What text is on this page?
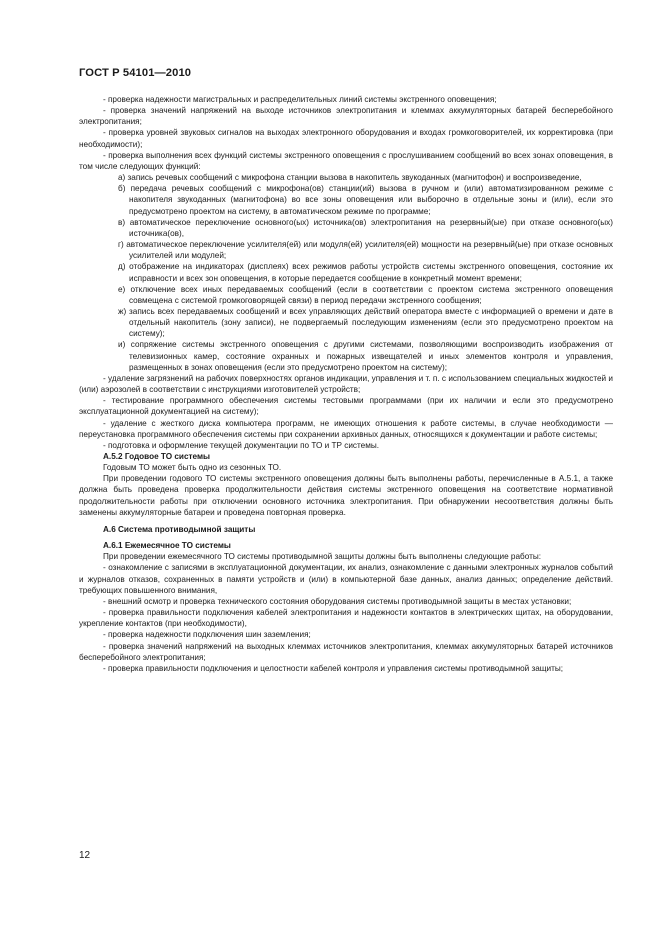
ГОСТ Р 54101—2010

- проверка надежности магистральных и распределительных линий системы экстренного оповещения;

- проверка значений напряжений на выходе источников электропитания и клеммах аккумуляторных батарей бесперебойного электропитания;

- проверка уровней звуковых сигналов на выходах электронного оборудования и входах громкоговорителей, их корректировка (при необходимости);

- проверка выполнения всех функций системы экстренного оповещения с прослушиванием сообщений во всех зонах оповещения, в том числе следующих функций:

а) запись речевых сообщений с микрофона станции вызова в накопитель звукоданных (магнитофон) и воспроизведение,

б) передача речевых сообщений с микрофона(ов) станции(ий) вызова в ручном и (или) автоматизированном режиме с накопителя звукоданных (магнитофона) во все зоны оповещения или выборочно в отдельные зоны и (или), если это предусмотрено проектом на систему, в автоматическом режиме по программе;

в) автоматическое переключение основного(ых) источника(ов) электропитания на резервный(ые) при отказе основного(ых) источника(ов),

г) автоматическое переключение усилителя(ей) или модуля(ей) усилителя(ей) мощности на резервный(ые) при отказе основных усилителей или модулей;

д) отображение на индикаторах (дисплеях) всех режимов работы устройств системы экстренного оповещения, состояние их исправности и всех зон оповещения, в которые передается сообщение в конкретный момент времени;

е) отключение всех иных передаваемых сообщений (если в соответствии с проектом система экстренного оповещения совмещена с системой громкоговорящей связи) в период передачи экстренного сообщения;

ж) запись всех передаваемых сообщений и всех управляющих действий оператора вместе с информацией о времени и дате в отдельный накопитель (зону записи), не подвергаемый последующим изменениям (если это предусмотрено проектом на систему);

и) сопряжение системы экстренного оповещения с другими системами, позволяющими воспроизводить изображения от телевизионных камер, состояние охранных и пожарных извещателей и иных элементов контроля и управления, размещенных в зонах оповещения (если это предусмотрено проектом на систему);

- удаление загрязнений на рабочих поверхностях органов индикации, управления и т. п. с использованием специальных жидкостей и (или) аэрозолей в соответствии с инструкциями изготовителей устройств;

- тестирование программного обеспечения системы тестовыми программами (при их наличии и если это предусмотрено эксплуатационной документацией на систему);

- удаление с жесткого диска компьютера программ, не имеющих отношения к работе системы, в случае необходимости — переустановка программного обеспечения системы при сохранении архивных данных, относящихся к документации и работе системы;

- подготовка и оформление текущей документации по ТО и ТР системы.

А.5.2 Годовое ТО системы

Годовым ТО может быть одно из сезонных ТО.

При проведении годового ТО системы экстренного оповещения должны быть выполнены работы, перечисленные в А.5.1, а также должна быть проведена проверка продолжительности действия системы экстренного оповещения на соответствие нормативной продолжительности работы при отключении основного источника электропитания. При обнаружении несоответствия должны быть заменены аккумуляторные батареи и проведена повторная проверка.

А.6 Система противодымной защиты

А.6.1 Ежемесячное ТО системы

При проведении ежемесячного ТО системы противодымной защиты должны быть выполнены следующие работы:

- ознакомление с записями в эксплуатационной документации, их анализ, ознакомление с данными электронных журналов событий и журналов отказов, сохраненных в памяти устройств и (или) в компьютерной базе данных, анализ данных; определение действий. требующих повышенного внимания,

- внешний осмотр и проверка технического состояния оборудования системы противодымной защиты в местах установки;

- проверка правильности подключения кабелей электропитания и надежности контактов в электрических щитах, на оборудовании, укрепление контактов (при необходимости),

- проверка надежности подключения шин заземления;

- проверка значений напряжений на выходных клеммах источников электропитания, клеммах аккумуляторных батарей источников бесперебойного электропитания;

- проверка правильности подключения и целостности кабелей контроля и управления системы противодымной защиты;

12
